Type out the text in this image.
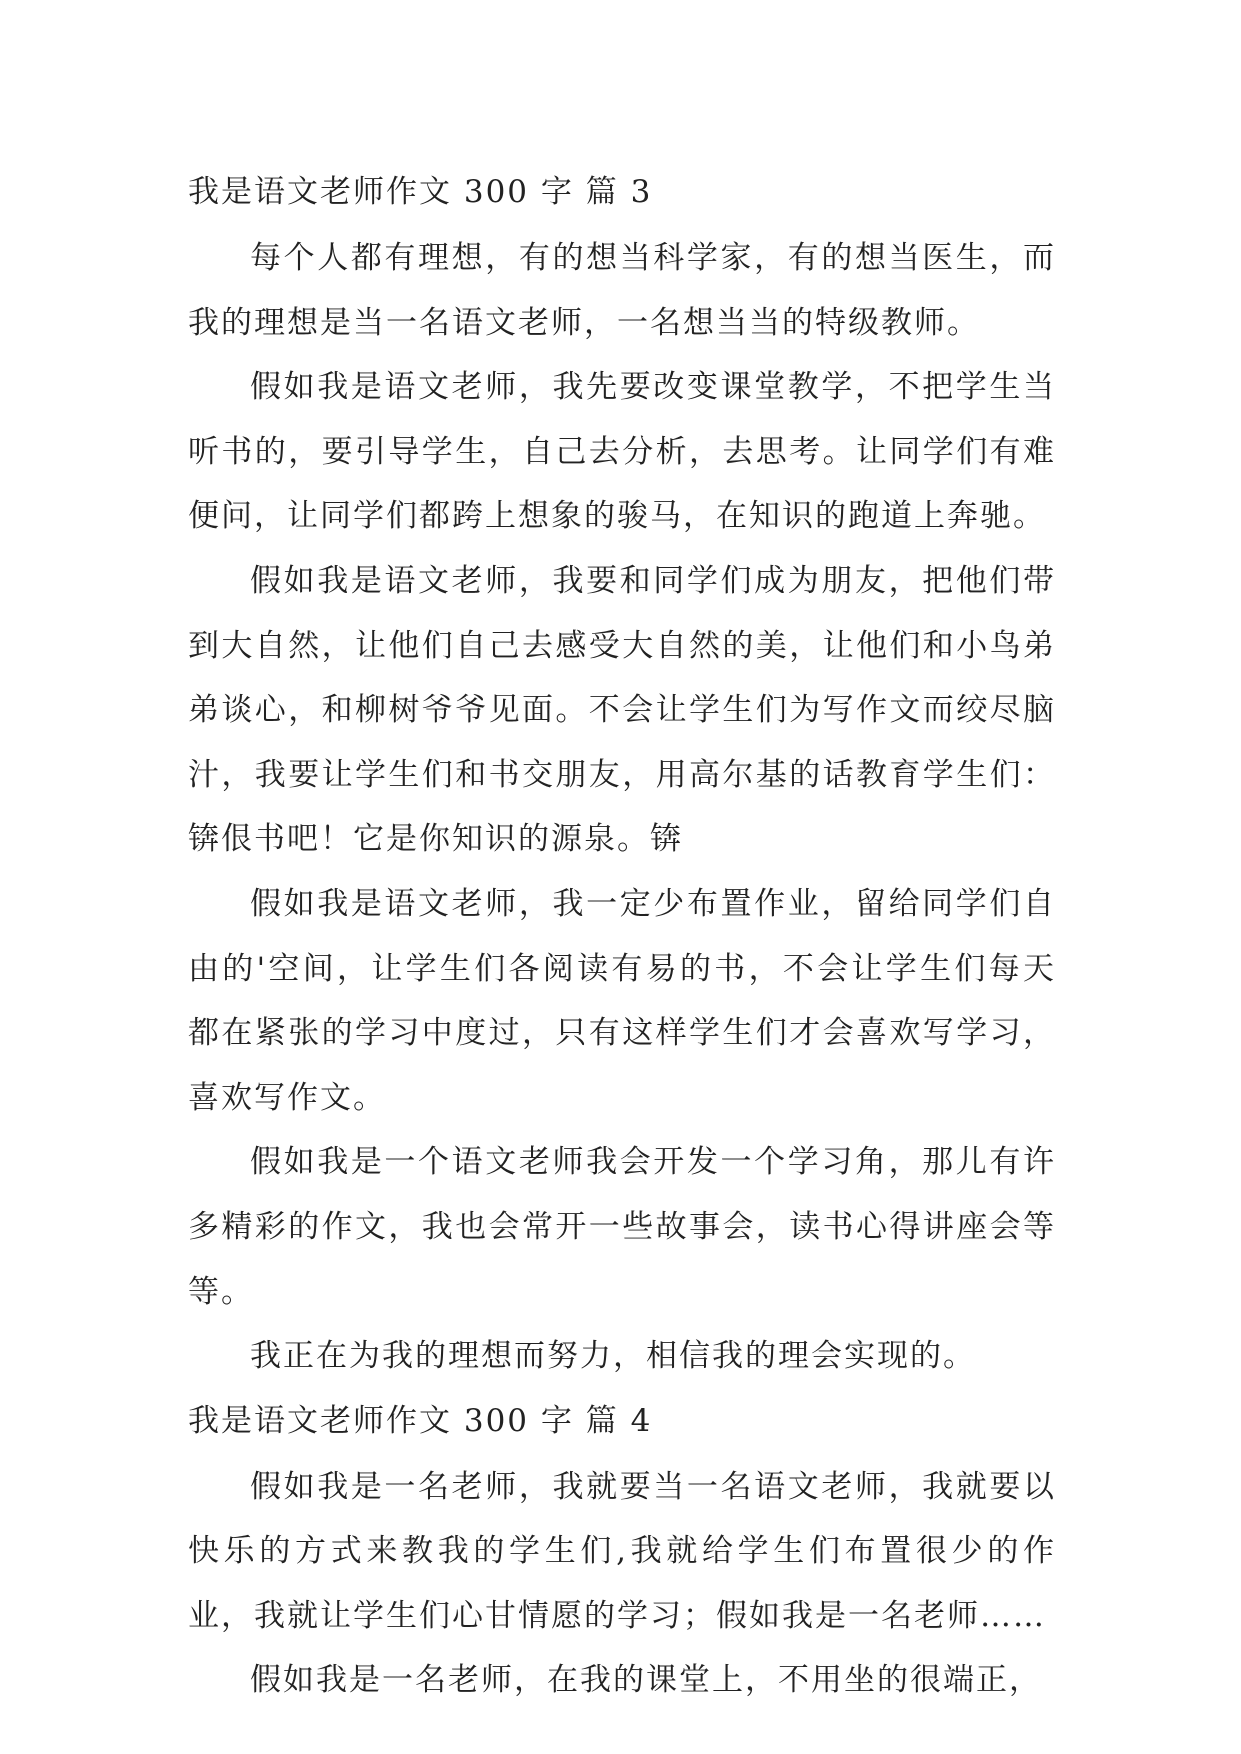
我是语文老师作文 300 字 篇 3

每个人都有理想，有的想当科学家，有的想当医生，而我的理想是当一名语文老师，一名想当当的特级教师。

假如我是语文老师，我先要改变课堂教学，不把学生当听书的，要引导学生，自己去分析，去思考。让同学们有难便问，让同学们都跨上想象的骏马，在知识的跑道上奔驰。

假如我是语文老师，我要和同学们成为朋友，把他们带到大自然，让他们自己去感受大自然的美，让他们和小鸟弟弟谈心，和柳树爷爷见面。不会让学生们为写作文而绞尽脑汁，我要让学生们和书交朋友，用高尔基的话教育学生们：锛佷书吧！它是你知识的源泉。锛

假如我是语文老师，我一定少布置作业，留给同学们自由的'空间，让学生们各阅读有易的书，不会让学生们每天都在紧张的学习中度过，只有这样学生们才会喜欢写学习，喜欢写作文。

假如我是一个语文老师我会开发一个学习角，那儿有许多精彩的作文，我也会常开一些故事会，读书心得讲座会等等。

我正在为我的理想而努力，相信我的理会实现的。

我是语文老师作文 300 字 篇 4

假如我是一名老师，我就要当一名语文老师，我就要以快乐的方式来教我的学生们,我就给学生们布置很少的作业，我就让学生们心甘情愿的学习；假如我是一名老师……

假如我是一名老师，在我的课堂上，不用坐的很端正，
